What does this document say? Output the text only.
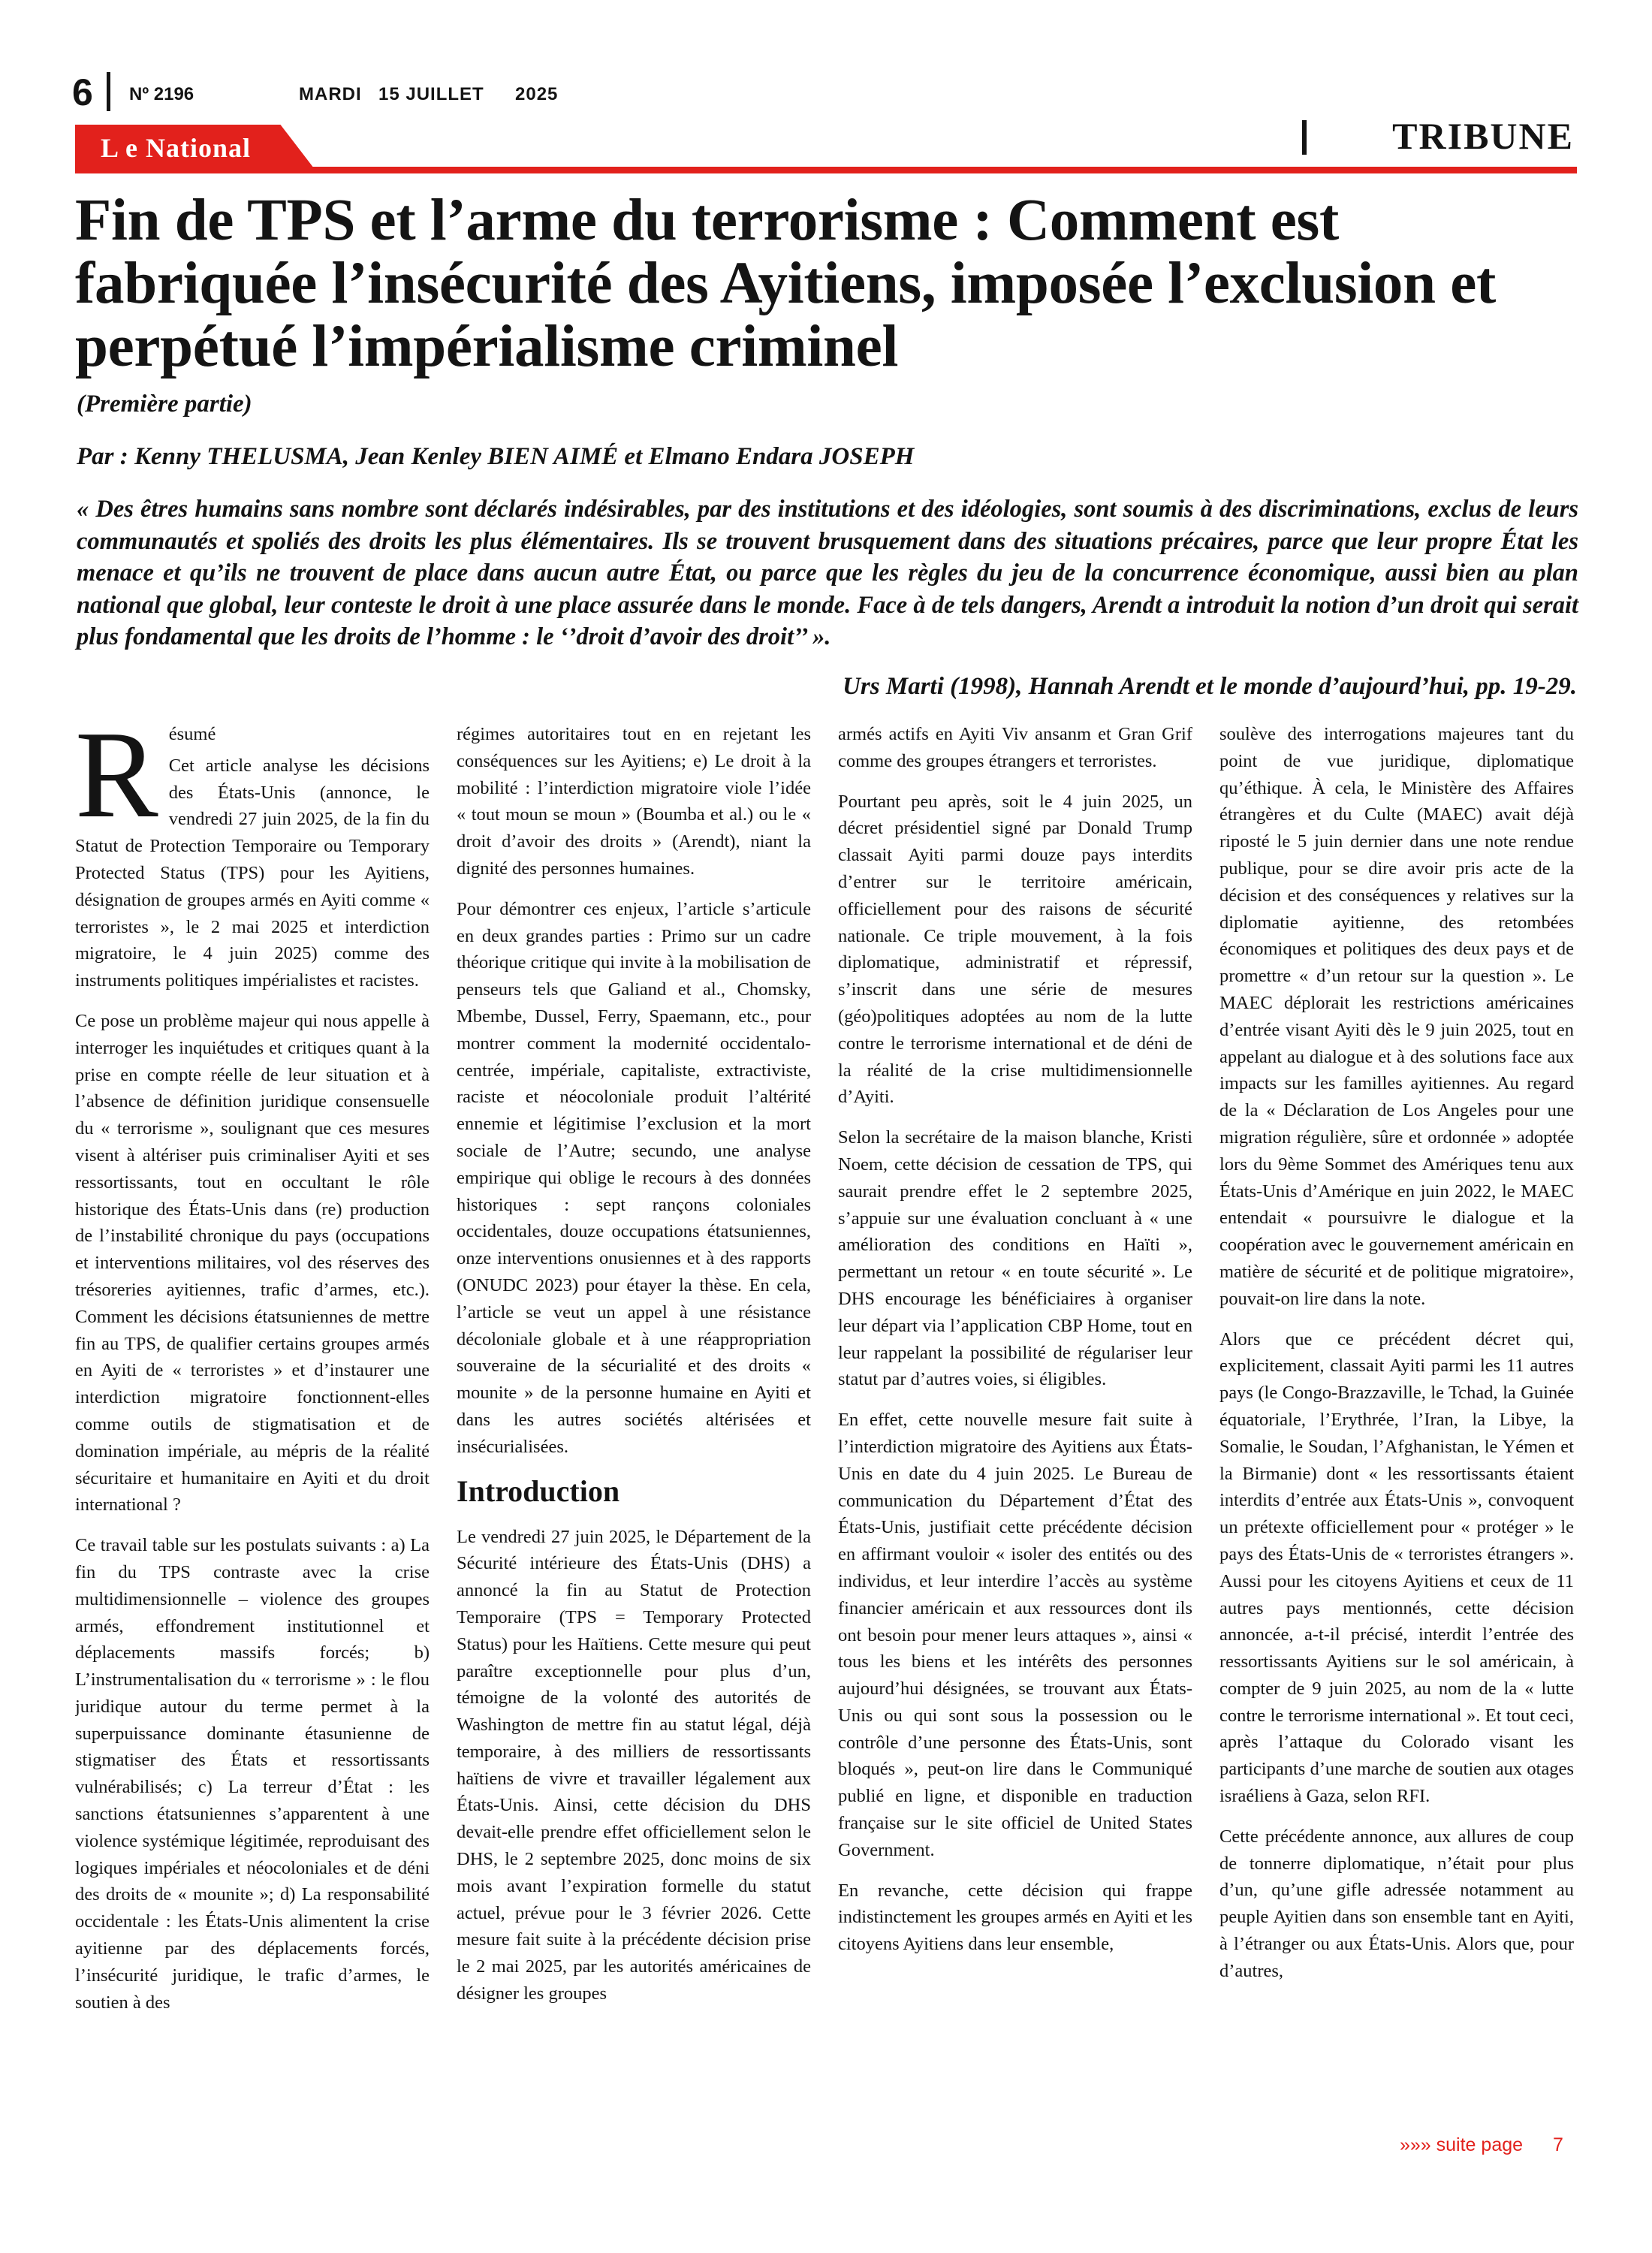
6 Nº 2196	MARDI 15 JUILLET 2025
L e National	TRIBUNE
Fin de TPS et l’arme du terrorisme : Comment est fabriquée l’insécurité des Ayitiens, imposée l’exclusion et perpétué l’impérialisme criminel
(Première partie)
Par : Kenny THELUSMA, Jean Kenley BIEN AIMÉ et Elmano Endara JOSEPH

« Des êtres humains sans nombre sont déclarés indésirables, par des institutions et des idéologies, sont soumis à des discriminations, exclus de leurs communautés et spoliés des droits les plus élémentaires. Ils se trouvent brusquement dans des situations précaires, parce que leur propre État les menace et qu’ils ne trouvent de place dans aucun autre État, ou parce que les règles du jeu de la concurrence économique, aussi bien au plan national que global, leur conteste le droit à une place assurée dans le monde. Face à de tels dangers, Arendt a introduit la notion d’un droit qui serait plus fondamental que les droits de l’homme : le ‘’droit d’avoir des droit’’ ».

Urs Marti (1998), Hannah Arendt et le monde d’aujourd’hui, pp. 19-29.
R ésumé

Cet article analyse les décisions des États-Unis (annonce, le vendredi 27 juin 2025, de la fin du Statut de Protection Temporaire ou Temporary Protected Status (TPS) pour les Ayitiens, désignation de groupes armés en Ayiti comme « terroristes », le 2 mai 2025 et interdiction migratoire, le 4 juin 2025) comme des instruments politiques impérialistes et racistes.

Ce pose un problème majeur qui nous appelle à interroger les inquiétudes et critiques quant à la prise en compte réelle de leur situation et à l’absence de définition juridique consensuelle du « terrorisme », soulignant que ces mesures visent à altériser puis criminaliser Ayiti et ses ressortissants, tout en occultant le rôle historique des États-Unis dans (re) production de l’instabilité chronique du pays (occupations et interventions militaires, vol des réserves des trésoreries ayitiennes, trafic d’armes, etc.). Comment les décisions étatsuniennes de mettre fin au TPS, de qualifier certains groupes armés en Ayiti de « terroristes » et d’instaurer une interdiction migratoire fonctionnent-elles comme outils de stigmatisation et de domination impériale, au mépris de la réalité sécuritaire et humanitaire en Ayiti et du droit international ?

Ce travail table sur les postulats suivants : a) La fin du TPS contraste avec la crise multidimensionnelle – violence des groupes armés, effondrement institutionnel et déplacements massifs forcés; b) L’instrumentalisation du « terrorisme » : le flou juridique autour du terme permet à la superpuissance dominante étasunienne de stigmatiser des États et ressortissants vulnérabilisés; c) La terreur d’État : les sanctions étatsuniennes s’apparentent à une violence systémique légitimée, reproduisant des logiques impériales et néocoloniales et de déni des droits de « mounite »; d) La responsabilité occidentale : les États-Unis alimentent la crise ayitienne par des déplacements forcés, l’insécurité juridique, le trafic d’armes, le soutien à des

régimes autoritaires tout en en rejetant les conséquences sur les Ayitiens; e) Le droit à la mobilité : l’interdiction migratoire viole l’idée « tout moun se moun » (Boumba et al.) ou le « droit d’avoir des droits » (Arendt), niant la dignité des personnes humaines.

Pour démontrer ces enjeux, l’article s’articule en deux grandes parties : Primo sur un cadre théorique critique qui invite à la mobilisation de penseurs tels que Galiand et al., Chomsky, Mbembe, Dussel, Ferry, Spaemann, etc., pour montrer comment la modernité occidentalo-centrée, impériale, capitaliste, extractiviste, raciste et néocoloniale produit l’altérité ennemie et légitimise l’exclusion et la mort sociale de l’Autre; secundo, une analyse empirique qui oblige le recours à des données historiques : sept rançons coloniales occidentales, douze occupations étatsuniennes, onze interventions onusiennes et à des rapports (ONUDC 2023) pour étayer la thèse. En cela, l’article se veut un appel à une résistance décoloniale globale et à une réappropriation souveraine de la sécurialité et des droits « mounite » de la personne humaine en Ayiti et dans les autres sociétés altérisées et insécurialisées.

Introduction

Le vendredi 27 juin 2025, le Département de la Sécurité intérieure des États-Unis (DHS) a annoncé la fin au Statut de Protection Temporaire (TPS = Temporary Protected Status) pour les Haïtiens. Cette mesure qui peut paraître exceptionnelle pour plus d’un, témoigne de la volonté des autorités de Washington de mettre fin au statut légal, déjà temporaire, à des milliers de ressortissants haïtiens de vivre et travailler légalement aux États-Unis. Ainsi, cette décision du DHS devait-elle prendre effet officiellement selon le DHS, le 2 septembre 2025, donc moins de six mois avant l’expiration formelle du statut actuel, prévue pour le 3 février 2026. Cette mesure fait suite à la précédente décision prise le 2 mai 2025, par les autorités américaines de désigner les groupes

armés actifs en Ayiti Viv ansanm et Gran Grif comme des groupes étrangers et terroristes.

Pourtant peu après, soit le 4 juin 2025, un décret présidentiel signé par Donald Trump classait Ayiti parmi douze pays interdits d’entrer sur le territoire américain, officiellement pour des raisons de sécurité nationale. Ce triple mouvement, à la fois diplomatique, administratif et répressif, s’inscrit dans une série de mesures (géo)politiques adoptées au nom de la lutte contre le terrorisme international et de déni de la réalité de la crise multidimensionnelle d’Ayiti.

Selon la secrétaire de la maison blanche, Kristi Noem, cette décision de cessation de TPS, qui saurait prendre effet le 2 septembre 2025, s’appuie sur une évaluation concluant à « une amélioration des conditions en Haïti », permettant un retour « en toute sécurité ». Le DHS encourage les bénéficiaires à organiser leur départ via l’application CBP Home, tout en leur rappelant la possibilité de régulariser leur statut par d’autres voies, si éligibles.

En effet, cette nouvelle mesure fait suite à l’interdiction migratoire des Ayitiens aux États-Unis en date du 4 juin 2025. Le Bureau de communication du Département d’État des États-Unis, justifiait cette précédente décision en affirmant vouloir « isoler des entités ou des individus, et leur interdire l’accès au système financier américain et aux ressources dont ils ont besoin pour mener leurs attaques », ainsi « tous les biens et les intérêts des personnes aujourd’hui désignées, se trouvant aux États-Unis ou qui sont sous la possession ou le contrôle d’une personne des États-Unis, sont bloqués », peut-on lire dans le Communiqué publié en ligne, et disponible en traduction française sur le site officiel de United States Government.

En revanche, cette décision qui frappe indistinctement les groupes armés en Ayiti et les citoyens Ayitiens dans leur ensemble,

soulève des interrogations majeures tant du point de vue juridique, diplomatique qu’éthique. À cela, le Ministère des Affaires étrangères et du Culte (MAEC) avait déjà riposté le 5 juin dernier dans une note rendue publique, pour se dire avoir pris acte de la décision et des conséquences y relatives sur la diplomatie ayitienne, des retombées économiques et politiques des deux pays et de promettre « d’un retour sur la question ». Le MAEC déplorait les restrictions américaines d’entrée visant Ayiti dès le 9 juin 2025, tout en appelant au dialogue et à des solutions face aux impacts sur les familles ayitiennes. Au regard de la « Déclaration de Los Angeles pour une migration régulière, sûre et ordonnée » adoptée lors du 9ème Sommet des Amériques tenu aux États-Unis d’Amérique en juin 2022, le MAEC entendait « poursuivre le dialogue et la coopération avec le gouvernement américain en matière de sécurité et de politique migratoire», pouvait-on lire dans la note.

Alors que ce précédent décret qui, explicitement, classait Ayiti parmi les 11 autres pays (le Congo-Brazzaville, le Tchad, la Guinée équatoriale, l’Erythrée, l’Iran, la Libye, la Somalie, le Soudan, l’Afghanistan, le Yémen et la Birmanie) dont « les ressortissants étaient interdits d’entrée aux États-Unis », convoquent un prétexte officiellement pour « protéger » le pays des États-Unis de « terroristes étrangers ». Aussi pour les citoyens Ayitiens et ceux de 11 autres pays mentionnés, cette décision annoncée, a-t-il précisé, interdit l’entrée des ressortissants Ayitiens sur le sol américain, à compter de 9 juin 2025, au nom de la « lutte contre le terrorisme international ». Et tout ceci, après l’attaque du Colorado visant les participants d’une marche de soutien aux otages israéliens à Gaza, selon RFI.

Cette précédente annonce, aux allures de coup de tonnerre diplomatique, n’était pour plus d’un, qu’une gifle adressée notamment au peuple Ayitien dans son ensemble tant en Ayiti, à l’étranger ou aux États-Unis. Alors que, pour d’autres,

»»» suite page 7
